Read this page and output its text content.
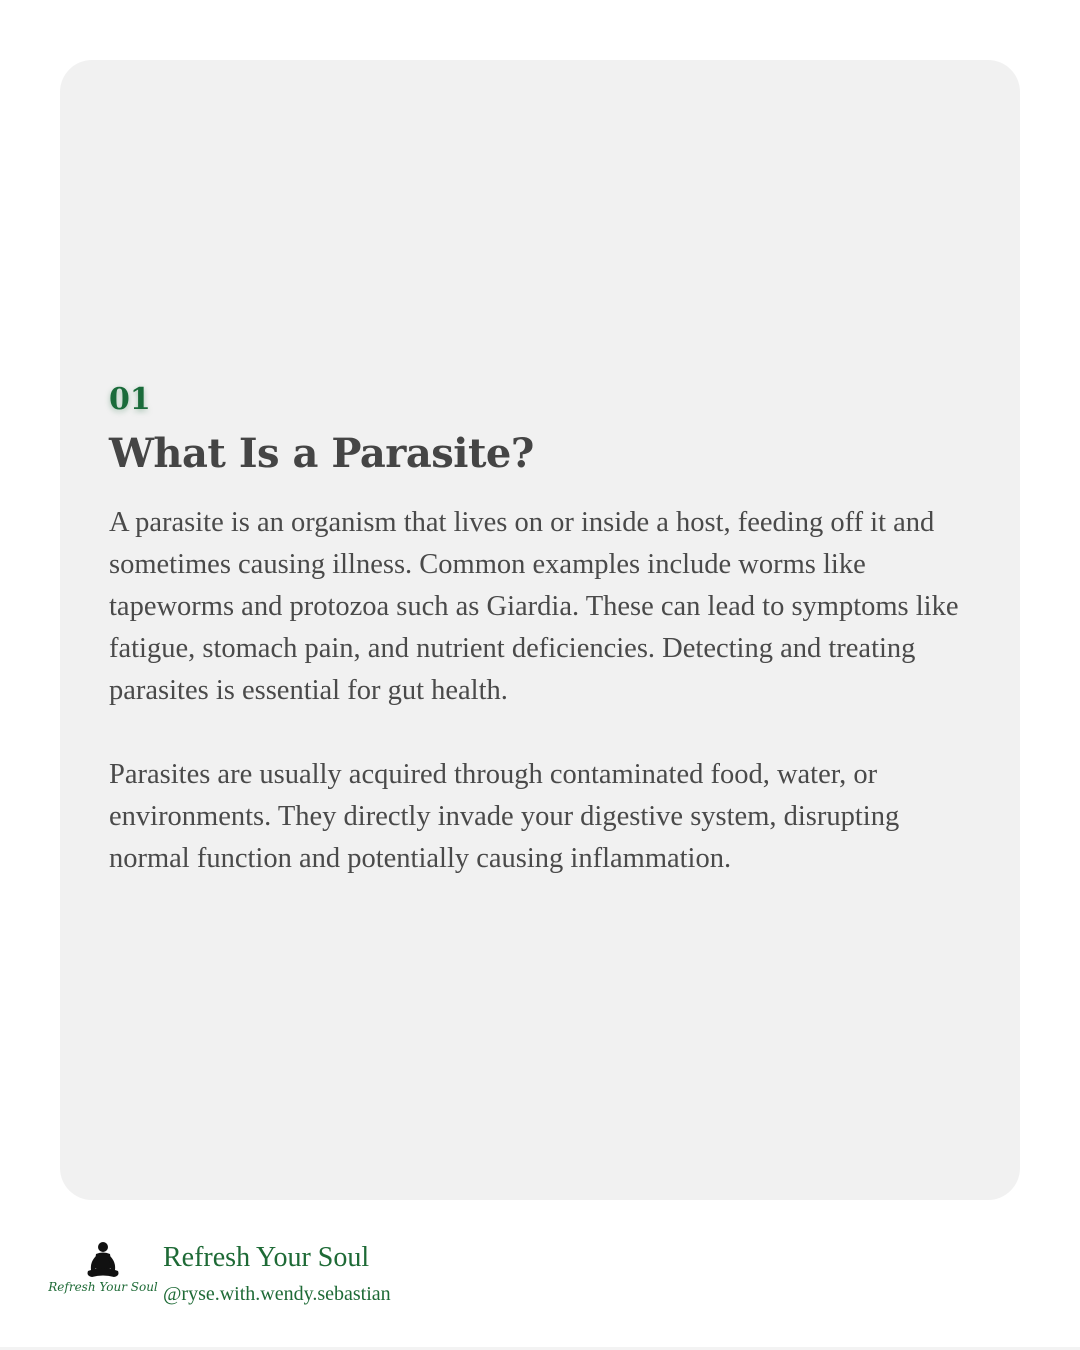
01

What Is a Parasite?

A parasite is an organism that lives on or inside a host, feeding off it and sometimes causing illness. Common examples include worms like tapeworms and protozoa such as Giardia. These can lead to symptoms like fatigue, stomach pain, and nutrient deficiencies. Detecting and treating parasites is essential for gut health.

Parasites are usually acquired through contaminated food, water, or environments. They directly invade your digestive system, disrupting normal function and potentially causing inflammation.

Refresh Your Soul

Refresh Your Soul

@ryse.with.wendy.sebastian
